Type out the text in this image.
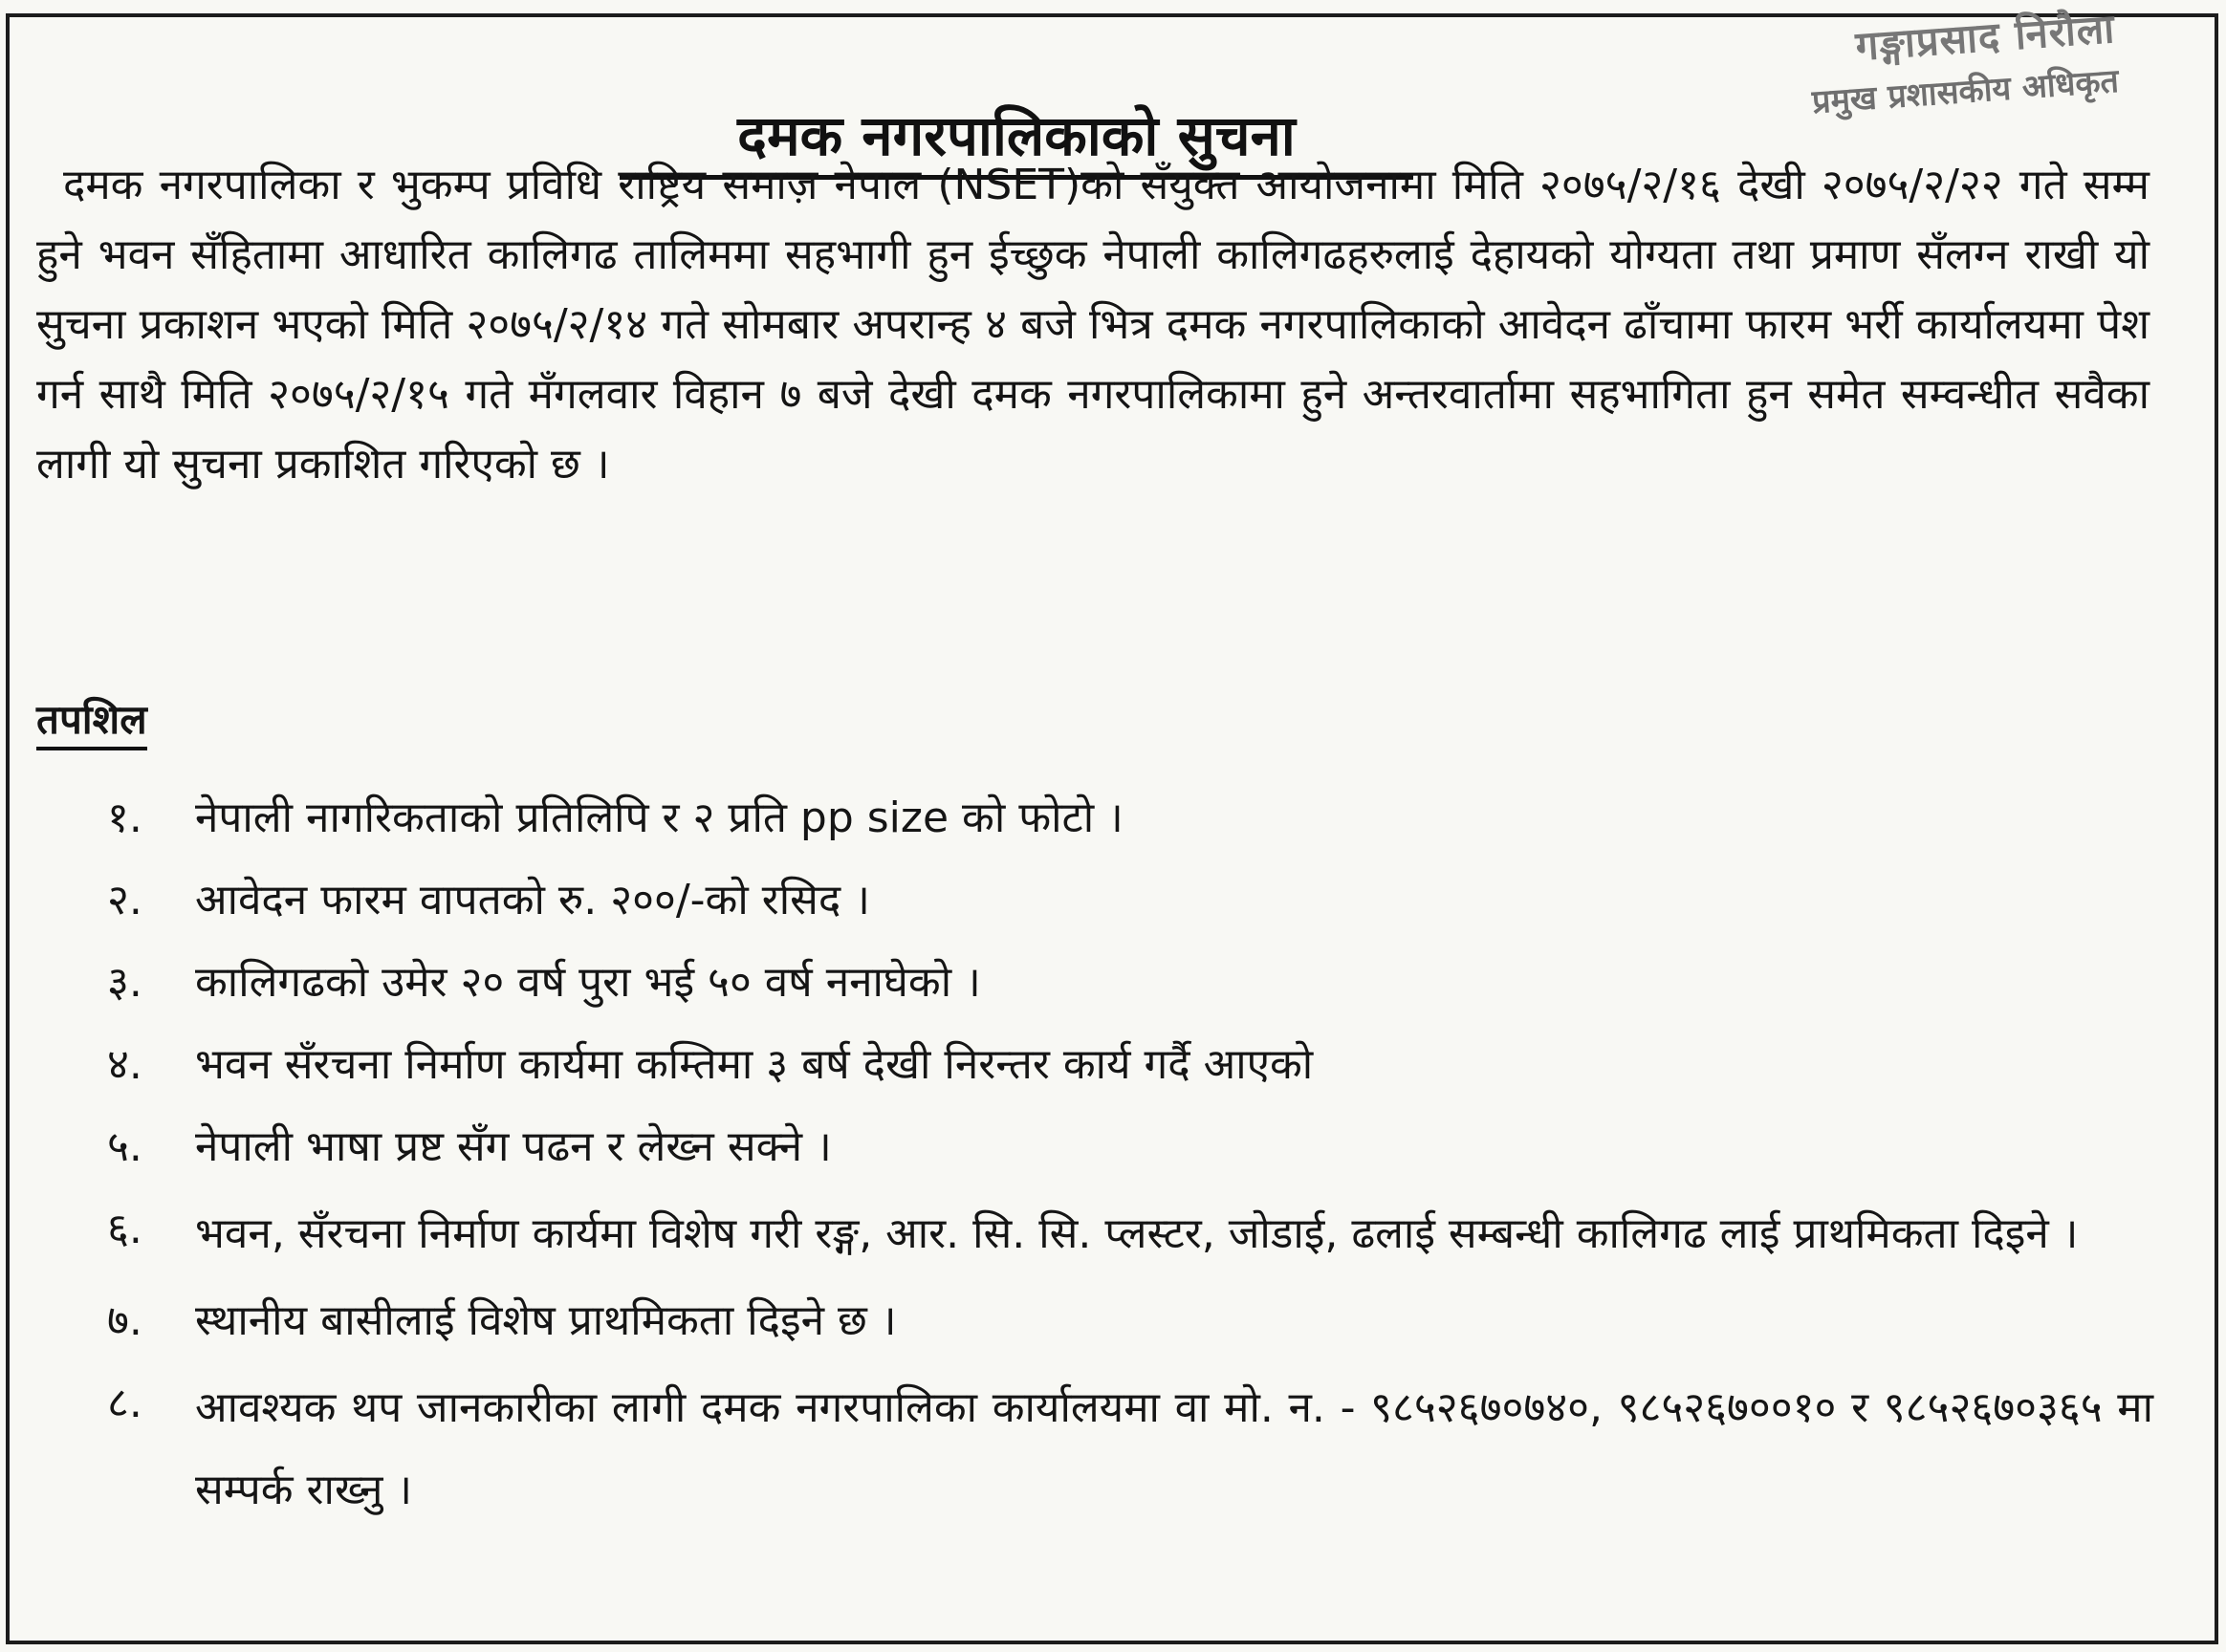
गङ्गाप्रसाद निरौला
प्रमुख प्रशासकीय अधिकृत
दमक नगरपालिकाको सुचना

दमक नगरपालिका र भुकम्प प्रविधि राष्ट्रिय समाज़ नेपाल (NSET)को सँयुक्त आयोजनामा मिति २०७५/२/१६ देखी २०७५/२/२२ गते सम्म हुने भवन सँहितामा आधारित कालिगढ तालिममा सहभागी हुन ईच्छुक नेपाली कालिगढहरुलाई देहायको योग्यता तथा प्रमाण सँलग्न राखी यो सुचना प्रकाशन भएको मिति २०७५/२/१४ गते सोमबार अपरान्ह ४ बजे भित्र दमक नगरपालिकाको आवेदन ढाँचामा फारम भर्री कार्यालयमा पेश गर्न साथै मिति २०७५/२/१५ गते मँगलवार विहान ७ बजे देखी दमक नगरपालिकामा हुने अन्तरवार्तामा सहभागिता हुन समेत सम्वन्धीत सवैका लागी यो सुचना प्रकाशित गरिएको छ ।

तपशिल
१.	नेपाली नागरिकताको प्रतिलिपि र २ प्रति pp size को फोटो ।
२.	आवेदन फारम वापतको रु. २००/-को रसिद ।
३.	कालिगढको उमेर २० वर्ष पुरा भई ५० वर्ष ननाघेको ।
४.	भवन सँरचना निर्माण कार्यमा कम्तिमा ३ बर्ष देखी निरन्तर कार्य गर्दै आएको
५.	नेपाली भाषा प्रष्ट सँग पढन र लेख्न सक्ने ।
६.	भवन, सँरचना निर्माण कार्यमा विशेष गरी रङ्ग, आर. सि. सि. प्लस्टर, जोडाई, ढलाई सम्बन्धी कालिगढ लाई प्राथमिकता दिइने ।
७.	स्थानीय बासीलाई विशेष प्राथमिकता दिइने छ ।
८.	आवश्यक थप जानकारीका लागी दमक नगरपालिका कार्यालयमा वा मो. न. - ९८५२६७०७४०, ९८५२६७००१० र ९८५२६७०३६५ मा सम्पर्क राख्नु ।
